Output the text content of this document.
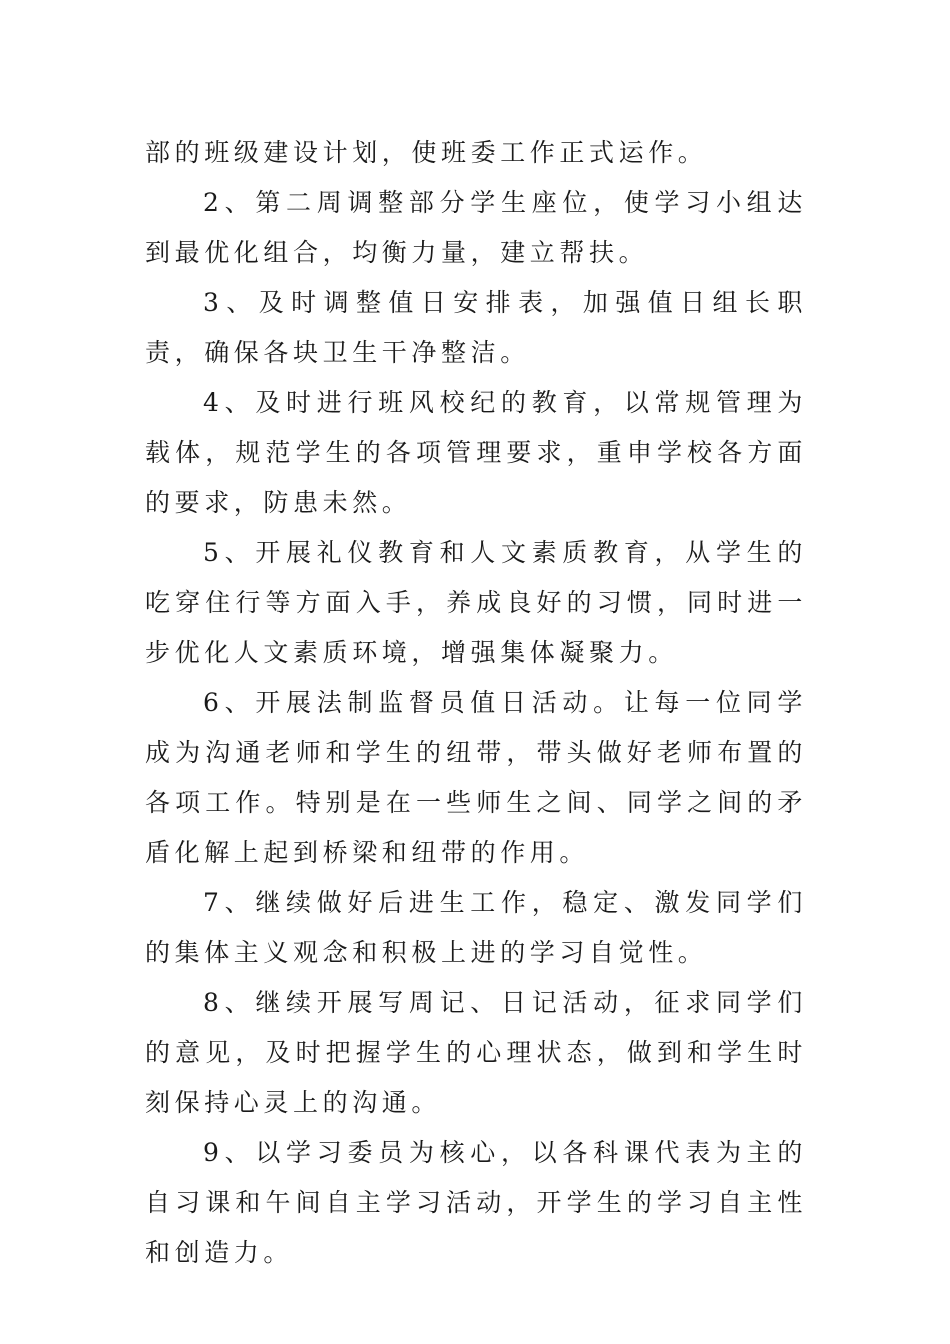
部的班级建设计划，使班委工作正式运作。

2、第二周调整部分学生座位，使学习小组达到最优化组合，均衡力量，建立帮扶。

3、及时调整值日安排表，加强值日组长职责，确保各块卫生干净整洁。

4、及时进行班风校纪的教育，以常规管理为载体，规范学生的各项管理要求，重申学校各方面的要求，防患未然。

5、开展礼仪教育和人文素质教育，从学生的吃穿住行等方面入手，养成良好的习惯，同时进一步优化人文素质环境，增强集体凝聚力。

6、开展法制监督员值日活动。让每一位同学成为沟通老师和学生的纽带，带头做好老师布置的各项工作。特别是在一些师生之间、同学之间的矛盾化解上起到桥梁和纽带的作用。

7、继续做好后进生工作，稳定、激发同学们的集体主义观念和积极上进的学习自觉性。

8、继续开展写周记、日记活动，征求同学们的意见，及时把握学生的心理状态，做到和学生时刻保持心灵上的沟通。

9、以学习委员为核心，以各科课代表为主的自习课和午间自主学习活动，开学生的学习自主性和创造力。
